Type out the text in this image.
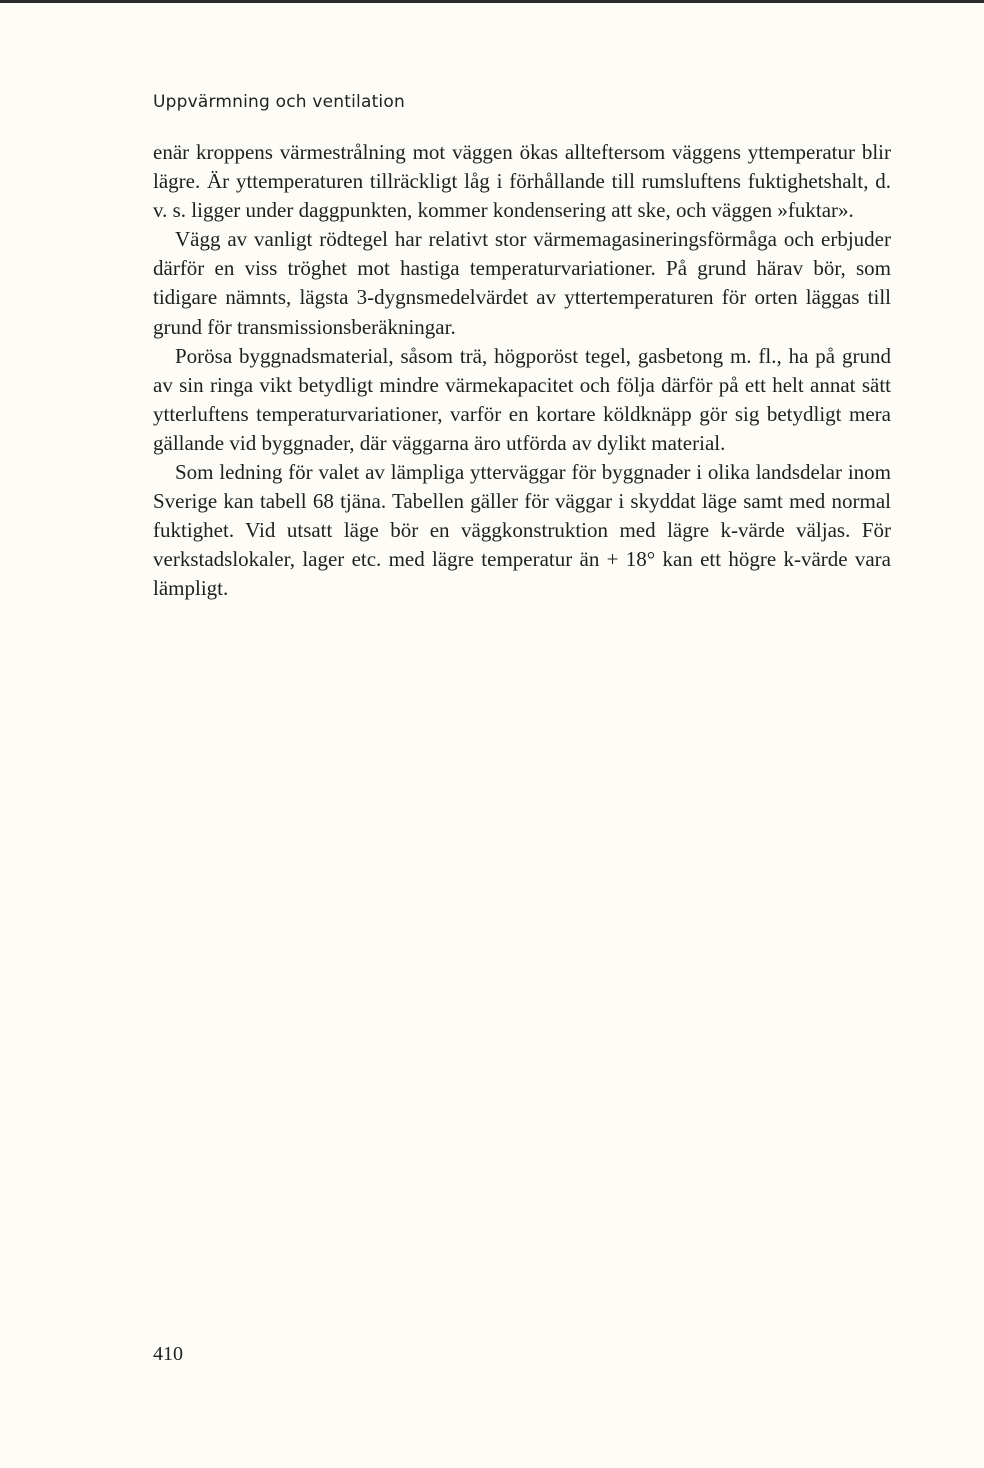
Uppvärmning och ventilation

enär kroppens värmestrålning mot väggen ökas allteftersom väggens yttemperatur blir lägre. Är yttemperaturen tillräckligt låg i förhållande till rumsluftens fuktighetshalt, d. v. s. ligger under daggpunkten, kommer kondensering att ske, och väggen »fuktar».

Vägg av vanligt rödtegel har relativt stor värmemagasineringsförmåga och erbjuder därför en viss tröghet mot hastiga temperaturvariationer. På grund härav bör, som tidigare nämnts, lägsta 3-dygnsmedelvärdet av yttertemperaturen för orten läggas till grund för transmissionsberäkningar.

Porösa byggnadsmaterial, såsom trä, högporöst tegel, gasbetong m. fl., ha på grund av sin ringa vikt betydligt mindre värmekapacitet och följa därför på ett helt annat sätt ytterluftens temperaturvariationer, varför en kortare köldknäpp gör sig betydligt mera gällande vid byggnader, där väggarna äro utförda av dylikt material.

Som ledning för valet av lämpliga ytterväggar för byggnader i olika landsdelar inom Sverige kan tabell 68 tjäna. Tabellen gäller för väggar i skyddat läge samt med normal fuktighet. Vid utsatt läge bör en väggkonstruktion med lägre k-värde väljas. För verkstadslokaler, lager etc. med lägre temperatur än + 18° kan ett högre k-värde vara lämpligt.

410
